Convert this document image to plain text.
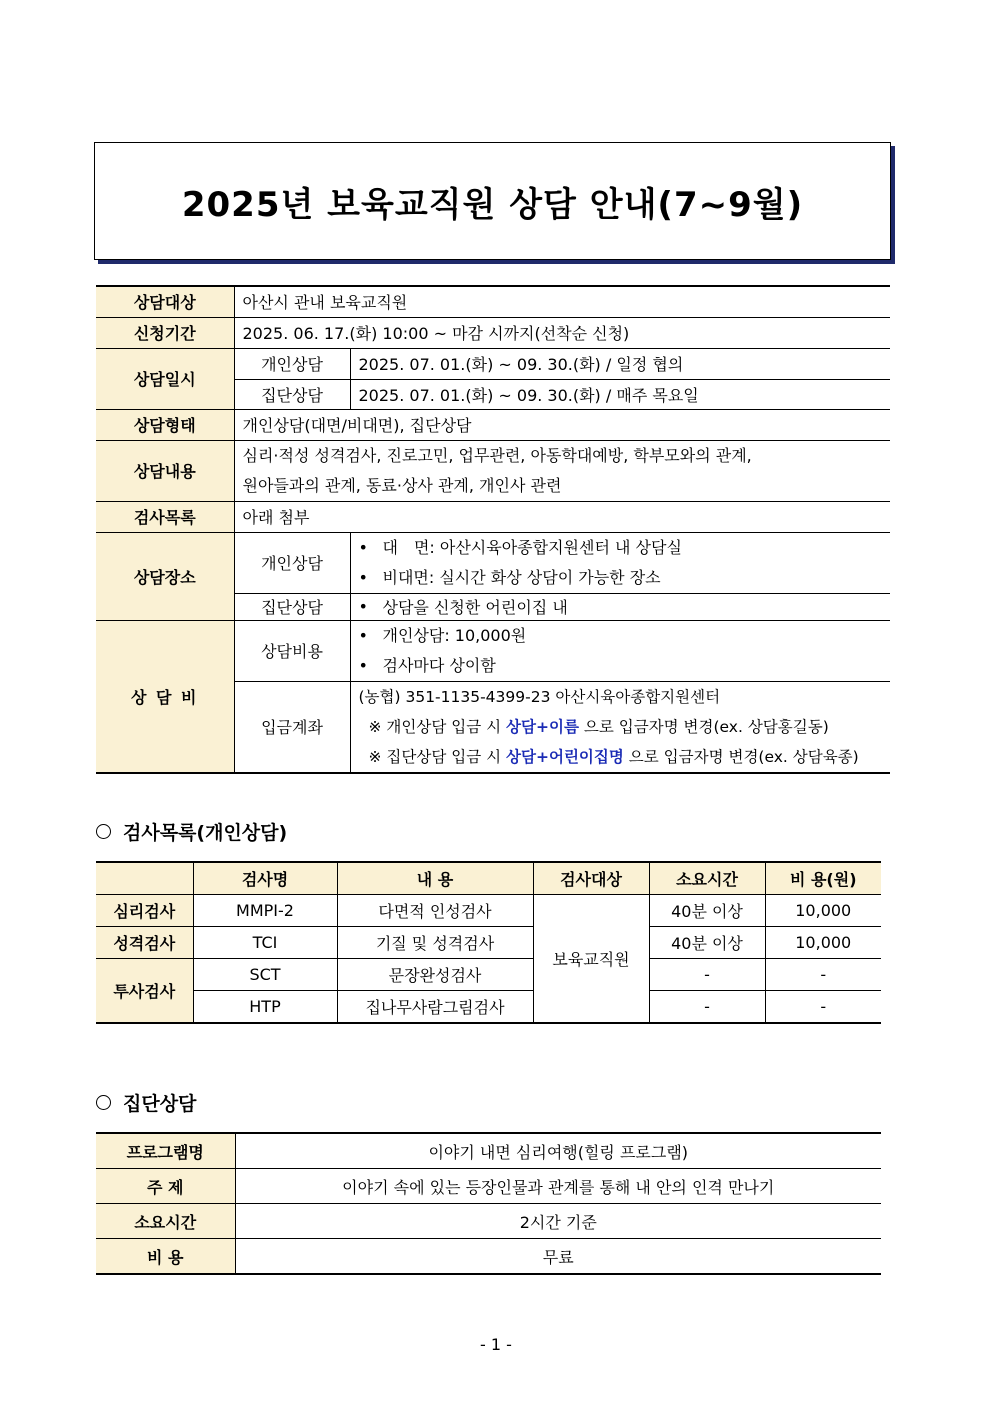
2025년 보육교직원 상담 안내(7~9월)
상담대상	아산시 관내 보육교직원	
신청기간	2025. 06. 17.(화) 10:00 ~ 마감 시까지(선착순 신청)	
상담일시	개인상담	2025. 07. 01.(화) ~ 09. 30.(화) / 일정 협의
	집단상담	2025. 07. 01.(화) ~ 09. 30.(화) / 매주 목요일
상담형태	개인상담(대면/비대면), 집단상담	
상담내용	심리·적성 성격검사, 진로고민, 업무관련, 아동학대예방, 학부모와의 관계,
원아들과의 관계, 동료·상사 관계, 개인사 관련	

검사목록	아래 첨부	
상담장소	개인상담	• 대　면: 아산시육아종합지원센터 내 상담실
• 비대면: 실시간 화상 상담이 가능한 장소

	집단상담	• 상담을 신청한 어린이집 내

상 담 비	상담비용	• 개인상담: 10,000원
• 검사마다 상이함

	입금계좌	(농협) 351-1135-4399-23 아산시육아종합지원센터
※ 개인상담 입금 시 상담+이름 으로 입금자명 변경(ex. 상담홍길동)
※ 집단상담 입금 시 상담+어린이집명 으로 입금자명 변경(ex. 상담육종)
검사목록(개인상담)
	검사명	내 용	검사대상	소요시간	비 용(원)
심리검사	MMPI-2	다면적 인성검사	보육교직원	40분 이상	10,000
성격검사	TCI	기질 및 성격검사		40분 이상	10,000
투사검사	SCT	문장완성검사		-	-
	HTP	집나무사람그림검사		-	-
집단상담
프로그램명	이야기 내면 심리여행(힐링 프로그램)
주 제	이야기 속에 있는 등장인물과 관계를 통해 내 안의 인격 만나기
소요시간	2시간 기준
비 용	무료
- 1 -
